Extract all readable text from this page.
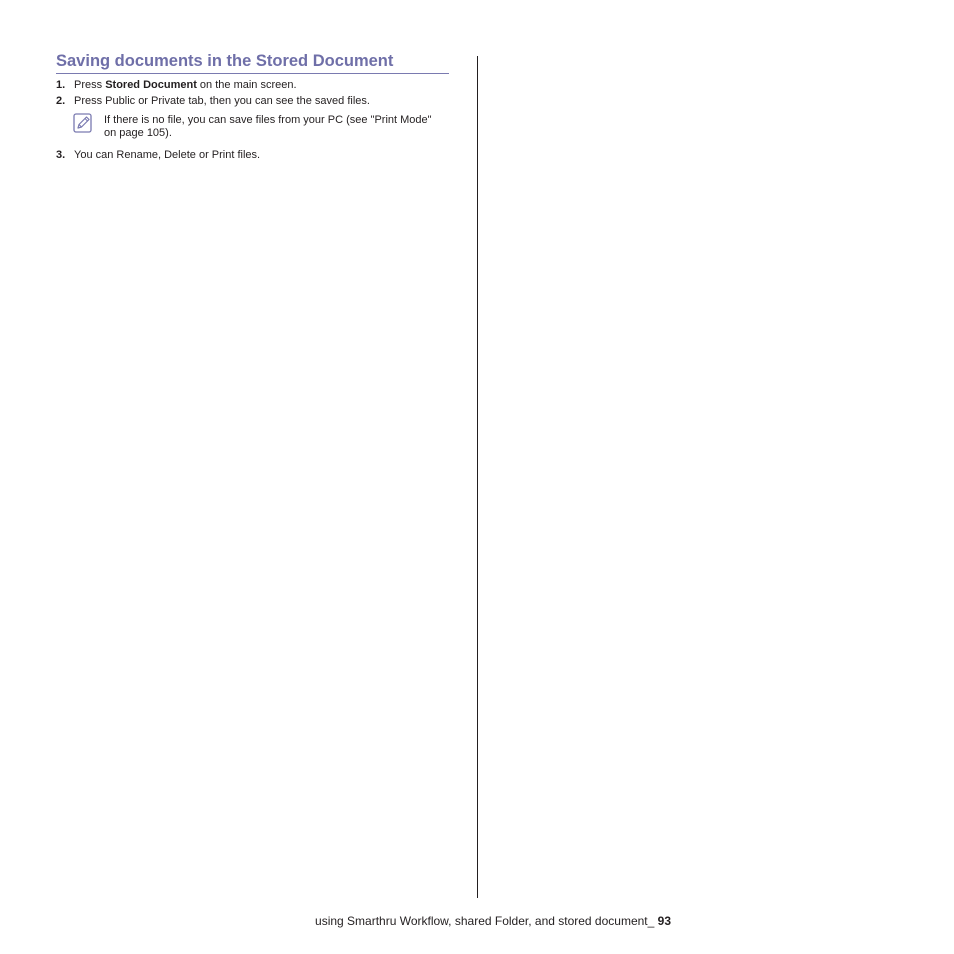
Saving documents in the Stored Document
1. Press Stored Document on the main screen.
2. Press Public or Private tab, then you can see the saved files.
If there is no file, you can save files from your PC (see "Print Mode" on page 105).
3. You can Rename, Delete or Print files.
using Smarthru Workflow, shared Folder, and stored document_ 93
